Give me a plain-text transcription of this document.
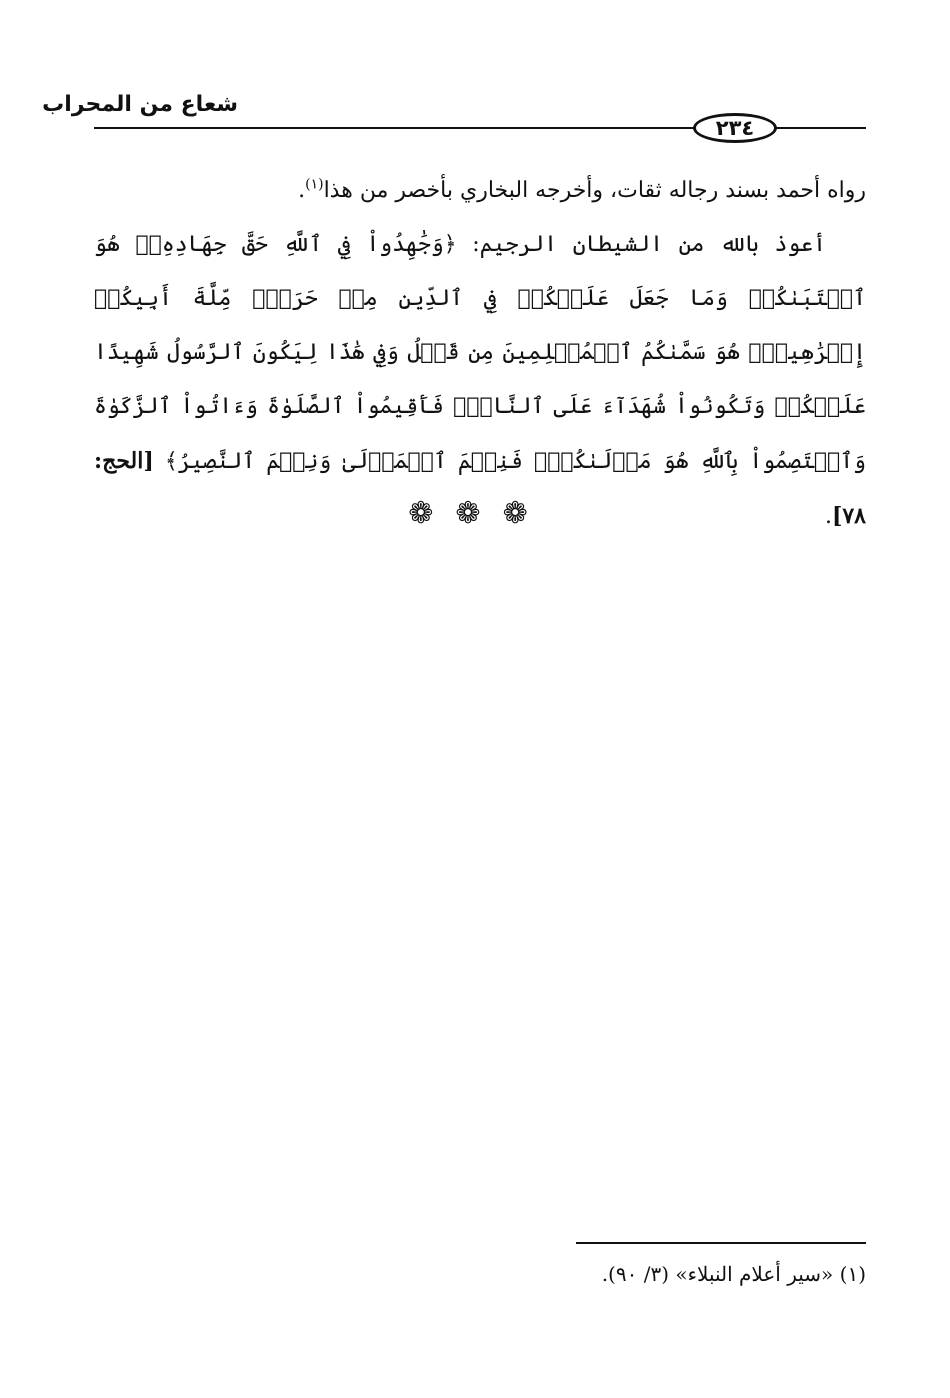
شعاع من المحراب
٢٣٤
رواه أحمد بسند رجاله ثقات، وأخرجه البخاري بأخصر من هذا$^{(١)}$.
أعوذ بالله من الشيطان الرجيم: ﴿وَجَٰهِدُواْ فِي ٱللَّهِ حَقَّ جِهَادِهِۦۚ هُوَ ٱجۡتَبَىٰكُمۡ وَمَا جَعَلَ عَلَيۡكُمۡ فِي ٱلدِّينِ مِنۡ حَرَجٖۚ مِّلَّةَ أَبِيكُمۡ إِبۡرَٰهِيمَۚ هُوَ سَمَّىٰكُمُ ٱلۡمُسۡلِمِينَ مِن قَبۡلُ وَفِي هَٰذَا لِيَكُونَ ٱلرَّسُولُ شَهِيدًا عَلَيۡكُمۡ وَتَكُونُواْ شُهَدَآءَ عَلَى ٱلنَّاسِۚ فَأَقِيمُواْ ٱلصَّلَوٰةَ وَءَاتُواْ ٱلزَّكَوٰةَ وَٱعۡتَصِمُواْ بِٱللَّهِ هُوَ مَوۡلَىٰكُمۡۖ فَنِعۡمَ ٱلۡمَوۡلَىٰ وَنِعۡمَ ٱلنَّصِيرُ﴾ [الحج: ٧٨].
❁ ❁ ❁
(١) «سير أعلام النبلاء» (٣/ ٩٠).
